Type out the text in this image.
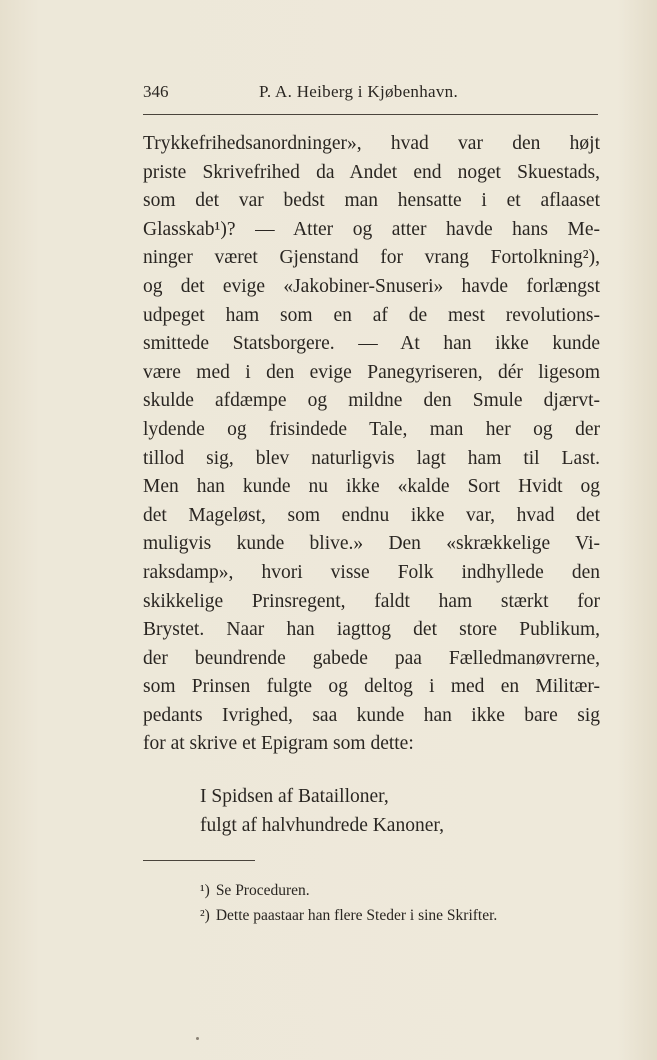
346	P. A. Heiberg i Kjøbenhavn.
Trykkefrihedsanordninger», hvad var den højt
priste Skrivefrihed da Andet end noget Skuestads,
som det var bedst man hensatte i et aflaaset
Glasskab¹)? — Atter og atter havde hans Me-
ninger været Gjenstand for vrang Fortolkning²),
og det evige «Jakobiner-Snuseri» havde forlængst
udpeget ham som en af de mest revolutions-
smittede Statsborgere. — At han ikke kunde
være med i den evige Panegyriseren, dér ligesom
skulde afdæmpe og mildne den Smule djærvt-
lydende og frisindede Tale, man her og der
tillod sig, blev naturligvis lagt ham til Last.
Men han kunde nu ikke «kalde Sort Hvidt og
det Mageløst, som endnu ikke var, hvad det
muligvis kunde blive.» Den «skrækkelige Vi-
raksdamp», hvori visse Folk indhyllede den
skikkelige Prinsregent, faldt ham stærkt for
Brystet. Naar han iagttog det store Publikum,
der beundrende gabede paa Fælledmanøvrerne,
som Prinsen fulgte og deltog i med en Militær-
pedants Ivrighed, saa kunde han ikke bare sig
for at skrive et Epigram som dette:
I Spidsen af Batailloner,
fulgt af halvhundrede Kanoner,
¹) Se Proceduren.
²) Dette paastaar han flere Steder i sine Skrifter.
